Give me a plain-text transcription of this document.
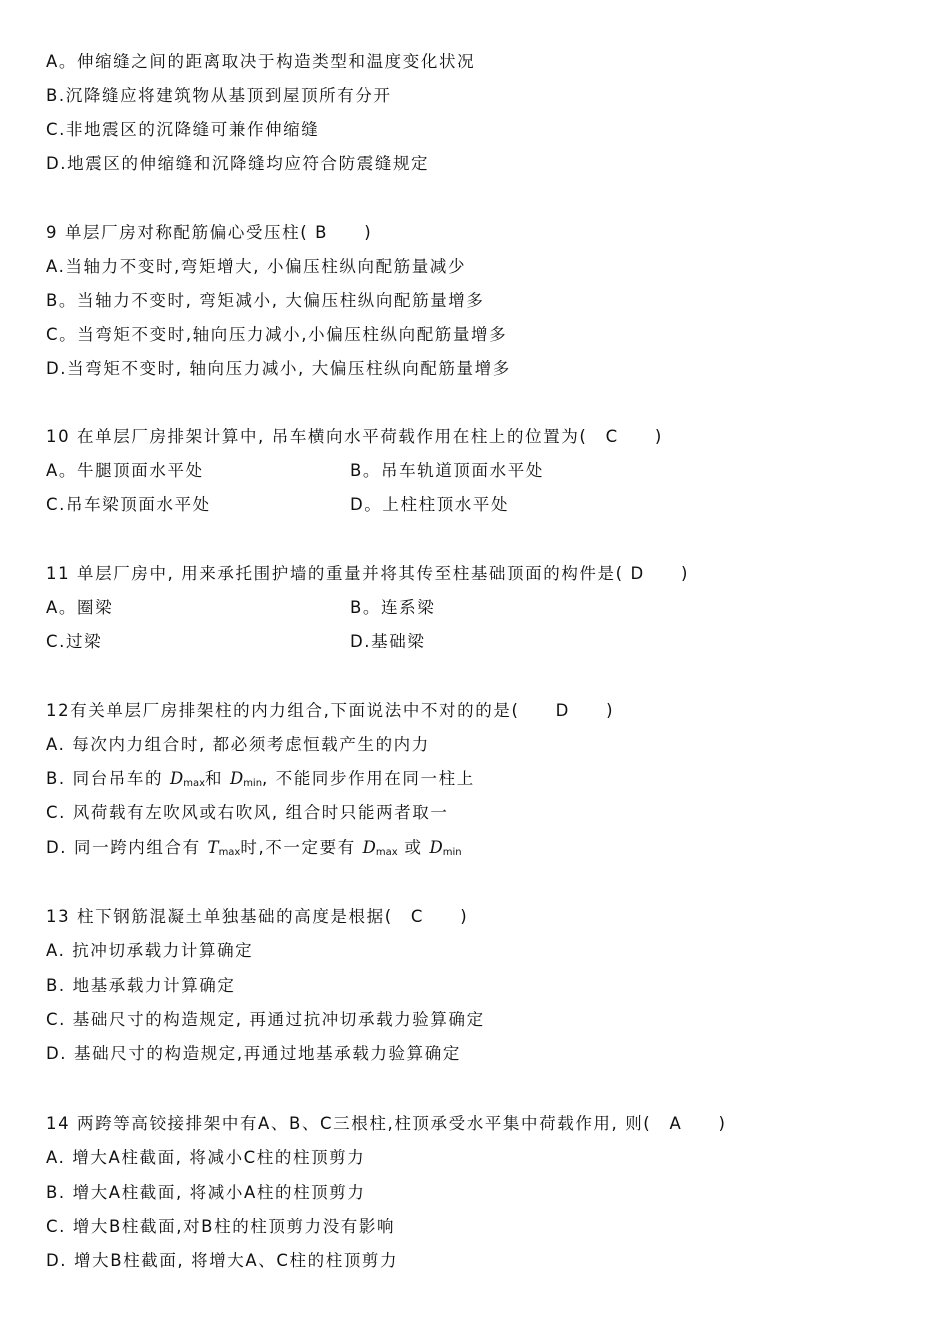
A。伸缩缝之间的距离取决于构造类型和温度变化状况
B.沉降缝应将建筑物从基顶到屋顶所有分开
C.非地震区的沉降缝可兼作伸缩缝
D.地震区的伸缩缝和沉降缝均应符合防震缝规定
9 单层厂房对称配筋偏心受压柱( B　　)
A.当轴力不变时,弯矩增大, 小偏压柱纵向配筋量减少
B。当轴力不变时, 弯矩减小, 大偏压柱纵向配筋量增多
C。当弯矩不变时,轴向压力减小,小偏压柱纵向配筋量增多
D.当弯矩不变时, 轴向压力减小, 大偏压柱纵向配筋量增多
10 在单层厂房排架计算中, 吊车横向水平荷载作用在柱上的位置为(　C　　)
A。牛腿顶面水平处	B。吊车轨道顶面水平处
C.吊车梁顶面水平处	D。上柱柱顶水平处
11 单层厂房中, 用来承托围护墙的重量并将其传至柱基础顶面的构件是( D　　)
A。圈梁	B。连系梁
C.过梁	D.基础梁
12有关单层厂房排架柱的内力组合,下面说法中不对的的是(　　D　　)
A. 每次内力组合时, 都必须考虑恒载产生的内力
B. 同台吊车的 $D_{max}$和 $D_{min}$, 不能同步作用在同一柱上
C. 风荷载有左吹风或右吹风, 组合时只能两者取一
D. 同一跨内组合有 $T_{max}$时,不一定要有 $D_{max}$ 或 $D_{min}$
13 柱下钢筋混凝土单独基础的高度是根据(　C　　)
A. 抗冲切承载力计算确定
B. 地基承载力计算确定
C. 基础尺寸的构造规定, 再通过抗冲切承载力验算确定
D. 基础尺寸的构造规定,再通过地基承载力验算确定
14 两跨等高铰接排架中有A、B、C三根柱,柱顶承受水平集中荷载作用, 则(　A　　)
A. 增大A柱截面, 将减小C柱的柱顶剪力
B. 增大A柱截面, 将减小A柱的柱顶剪力
C. 增大B柱截面,对B柱的柱顶剪力没有影响
D. 增大B柱截面, 将增大A、C柱的柱顶剪力
